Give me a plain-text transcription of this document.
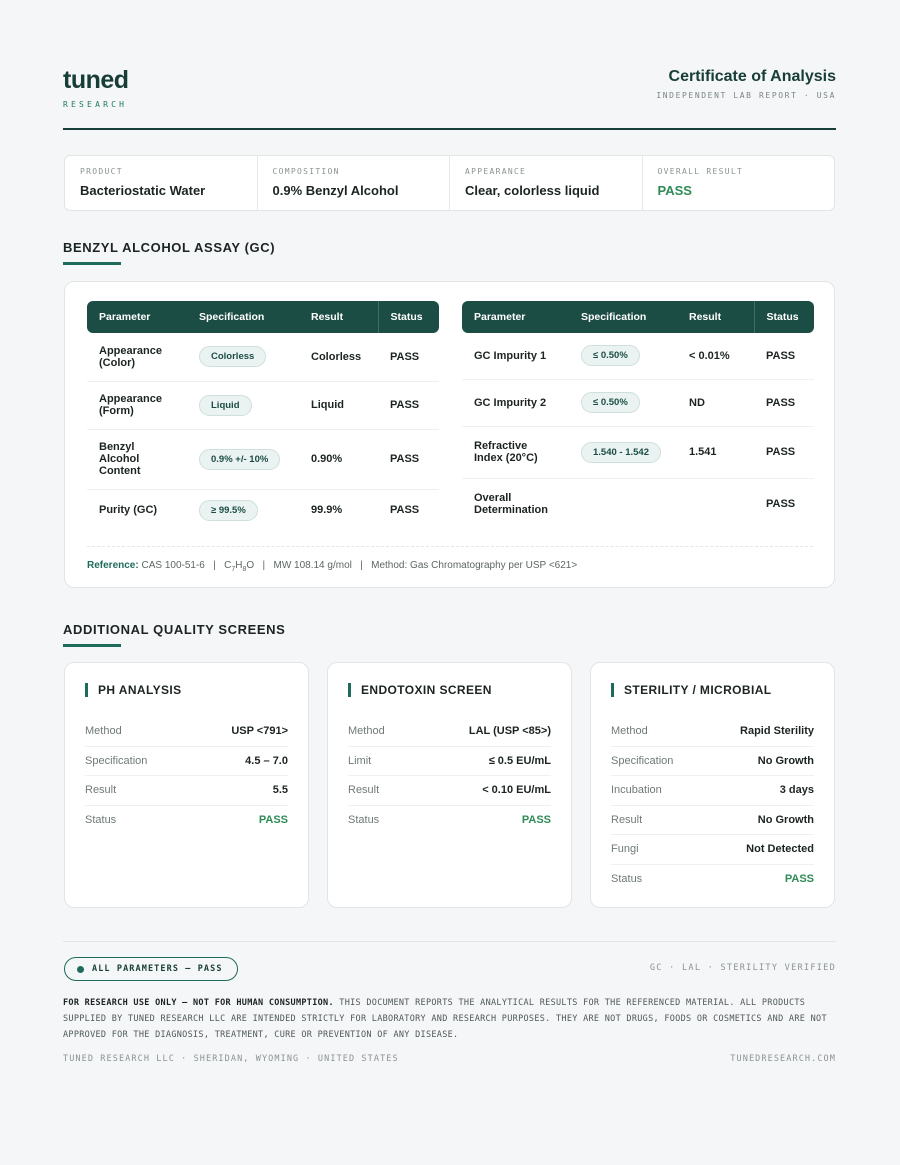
tuned
RESEARCH
Certificate of Analysis
INDEPENDENT LAB REPORT · USA
PRODUCT
Bacteriostatic Water
COMPOSITION
0.9% Benzyl Alcohol
APPEARANCE
Clear, colorless liquid
OVERALL RESULT
PASS
BENZYL ALCOHOL ASSAY (GC)
Parameter	Specification	Result	Status
Appearance (Color)	Colorless	Colorless	PASS
Appearance (Form)	Liquid	Liquid	PASS
Benzyl Alcohol Content	0.9% +/- 10%	0.90%	PASS
Purity (GC)	≥ 99.5%	99.9%	PASS
Parameter	Specification	Result	Status
GC Impurity 1	≤ 0.50%	< 0.01%	PASS
GC Impurity 2	≤ 0.50%	ND	PASS
Refractive Index (20°C)	1.540 - 1.542	1.541	PASS
Overall Determination			PASS
Reference: CAS 100-51-6   |   $C_7H_8O$   |   MW 108.14 g/mol   |   Method: Gas Chromatography per USP <621>
ADDITIONAL QUALITY SCREENS
PH ANALYSIS
Method	USP <791>
Specification	4.5 – 7.0
Result	5.5
Status	PASS
ENDOTOXIN SCREEN
Method	LAL (USP <85>)
Limit	≤ 0.5 EU/mL
Result	< 0.10 EU/mL
Status	PASS
STERILITY / MICROBIAL
Method	Rapid Sterility
Specification	No Growth
Incubation	3 days
Result	No Growth
Fungi	Not Detected
Status	PASS
ALL PARAMETERS — PASS	GC · LAL · STERILITY VERIFIED
FOR RESEARCH USE ONLY — NOT FOR HUMAN CONSUMPTION. THIS DOCUMENT REPORTS THE ANALYTICAL RESULTS FOR THE REFERENCED MATERIAL. ALL PRODUCTS SUPPLIED BY TUNED RESEARCH LLC ARE INTENDED STRICTLY FOR LABORATORY AND RESEARCH PURPOSES. THEY ARE NOT DRUGS, FOODS OR COSMETICS AND ARE NOT APPROVED FOR THE DIAGNOSIS, TREATMENT, CURE OR PREVENTION OF ANY DISEASE.
TUNED RESEARCH LLC · SHERIDAN, WYOMING · UNITED STATES	TUNEDRESEARCH.COM
